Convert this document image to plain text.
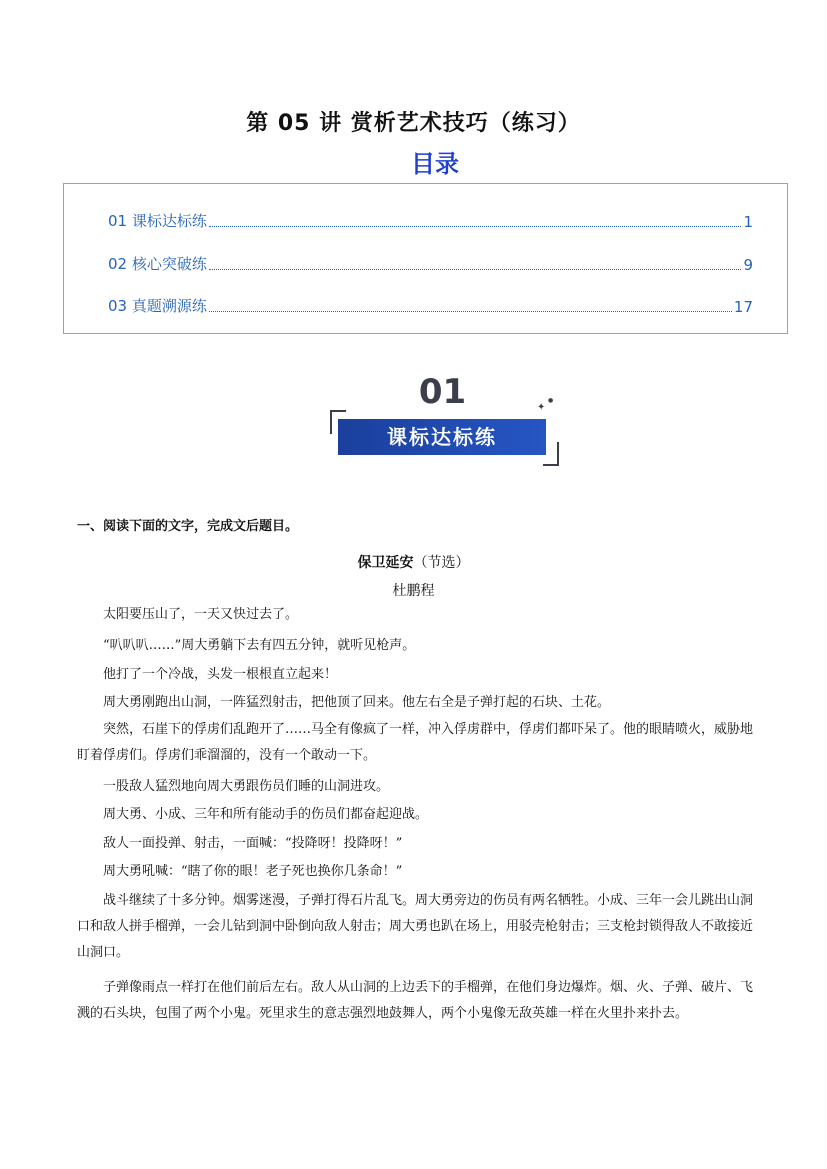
第 05 讲 赏析艺术技巧（练习）
目录
01 课标达标练	1
02 核心突破练	9
03 真题溯源练	17
01	✦
●
课标达标练
一、阅读下面的文字，完成文后题目。
保卫延安（节选）
杜鹏程

太阳要压山了，一天又快过去了。

“叭叭叭……”周大勇躺下去有四五分钟，就听见枪声。

他打了一个冷战，头发一根根直立起来！

周大勇刚跑出山洞，一阵猛烈射击，把他顶了回来。他左右全是子弹打起的石块、土花。

突然，石崖下的俘虏们乱跑开了……马全有像疯了一样，冲入俘虏群中，俘虏们都吓呆了。他的眼睛喷火，威胁地盯着俘虏们。俘虏们乖溜溜的，没有一个敢动一下。

一股敌人猛烈地向周大勇跟伤员们睡的山洞进攻。

周大勇、小成、三年和所有能动手的伤员们都奋起迎战。

敌人一面投弹、射击，一面喊：“投降呀！投降呀！”

周大勇吼喊：“瞎了你的眼！老子死也换你几条命！”

战斗继续了十多分钟。烟雾迷漫，子弹打得石片乱飞。周大勇旁边的伤员有两名牺牲。小成、三年一会儿跳出山洞口和敌人拼手榴弹，一会儿钻到洞中卧倒向敌人射击；周大勇也趴在场上，用驳壳枪射击；三支枪封锁得敌人不敢接近山洞口。

子弹像雨点一样打在他们前后左右。敌人从山洞的上边丢下的手榴弹，在他们身边爆炸。烟、火、子弹、破片、飞溅的石头块，包围了两个小鬼。死里求生的意志强烈地鼓舞人，两个小鬼像无敌英雄一样在火里扑来扑去。
